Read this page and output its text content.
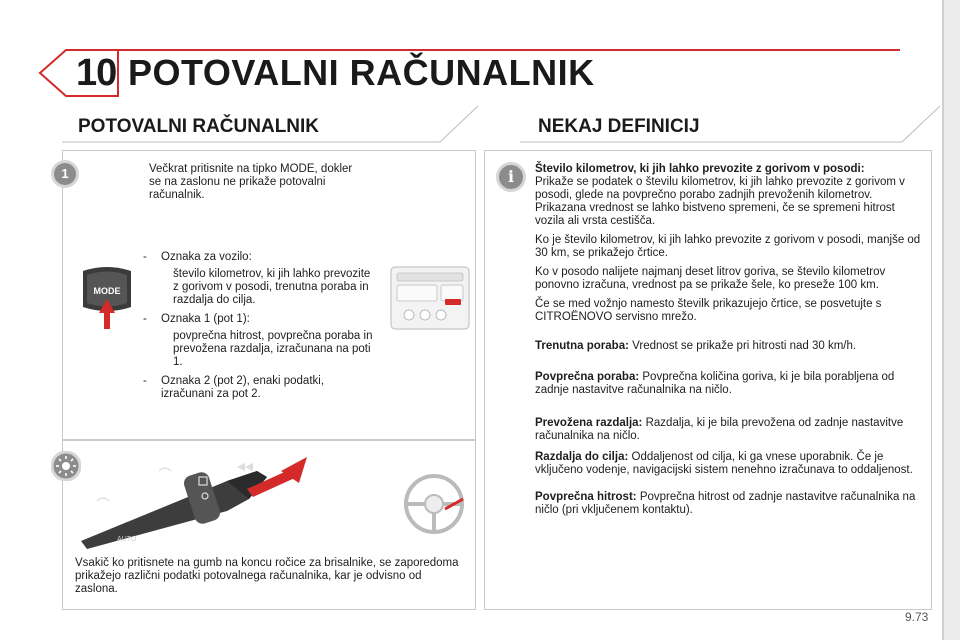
10 POTOVALNI RAČUNALNIK
POTOVALNI RAČUNALNIK	NEKAJ DEFINICIJ
1	Večkrat pritisnite na tipko MODE, dokler se na zaslonu ne prikaže potovalni računalnik.
MODE
- Oznaka za vozilo:
število kilometrov, ki jih lahko prevozite z gorivom v posodi, trenutna poraba in razdalja do cilja.
- Oznaka 1 (pot 1):
povprečna hitrost, povprečna poraba in prevožena razdalja, izračunana na poti 1.
- Oznaka 2 (pot 2), enaki podatki, izračunani za pot 2.
AUTO
Vsakič ko pritisnete na gumb na koncu ročice za brisalnike, se zaporedoma prikažejo različni podatki potovalnega računalnika, kar je odvisno od zaslona.
i	Število kilometrov, ki jih lahko prevozite z gorivom v posodi:
Prikaže se podatek o številu kilometrov, ki jih lahko prevozite z gorivom v posodi, glede na povprečno porabo zadnjih prevoženih kilometrov. Prikazana vrednost se lahko bistveno spremeni, če se spremeni hitrost vozila ali vrsta cestišča.

Ko je število kilometrov, ki jih lahko prevozite z gorivom v posodi, manjše od 30 km, se prikažejo črtice.

Ko v posodo nalijete najmanj deset litrov goriva, se število kilometrov ponovno izračuna, vrednost pa se prikaže šele, ko preseže 100 km.

Če se med vožnjo namesto številk prikazujejo črtice, se posvetujte s CITROËNOVO servisno mrežo.

Trenutna poraba: Vrednost se prikaže pri hitrosti nad 30 km/h.

Povprečna poraba: Povprečna količina goriva, ki je bila porabljena od zadnje nastavitve računalnika na ničlo.

Prevožena razdalja: Razdalja, ki je bila prevožena od zadnje nastavitve računalnika na ničlo.

Razdalja do cilja: Oddaljenost od cilja, ki ga vnese uporabnik. Če je vključeno vodenje, navigacijski sistem nenehno izračunava to oddaljenost.

Povprečna hitrost: Povprečna hitrost od zadnje nastavitve računalnika na ničlo (pri vključenem kontaktu).

9.73
